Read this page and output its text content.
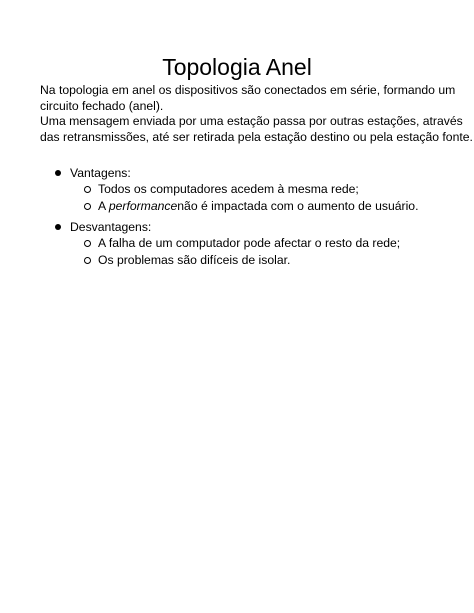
Topologia Anel
Na topologia em anel os dispositivos são conectados em série, formando um
circuito fechado (anel).
Uma mensagem enviada por uma estação passa por outras estações, através
das retransmissões, até ser retirada pela estação destino ou pela estação fonte.
Vantagens:
Todos os computadores acedem à mesma rede;
A performancenão é impactada com o aumento de usuário.
Desvantagens:
A falha de um computador pode afectar o resto da rede;
Os problemas são difíceis de isolar.
